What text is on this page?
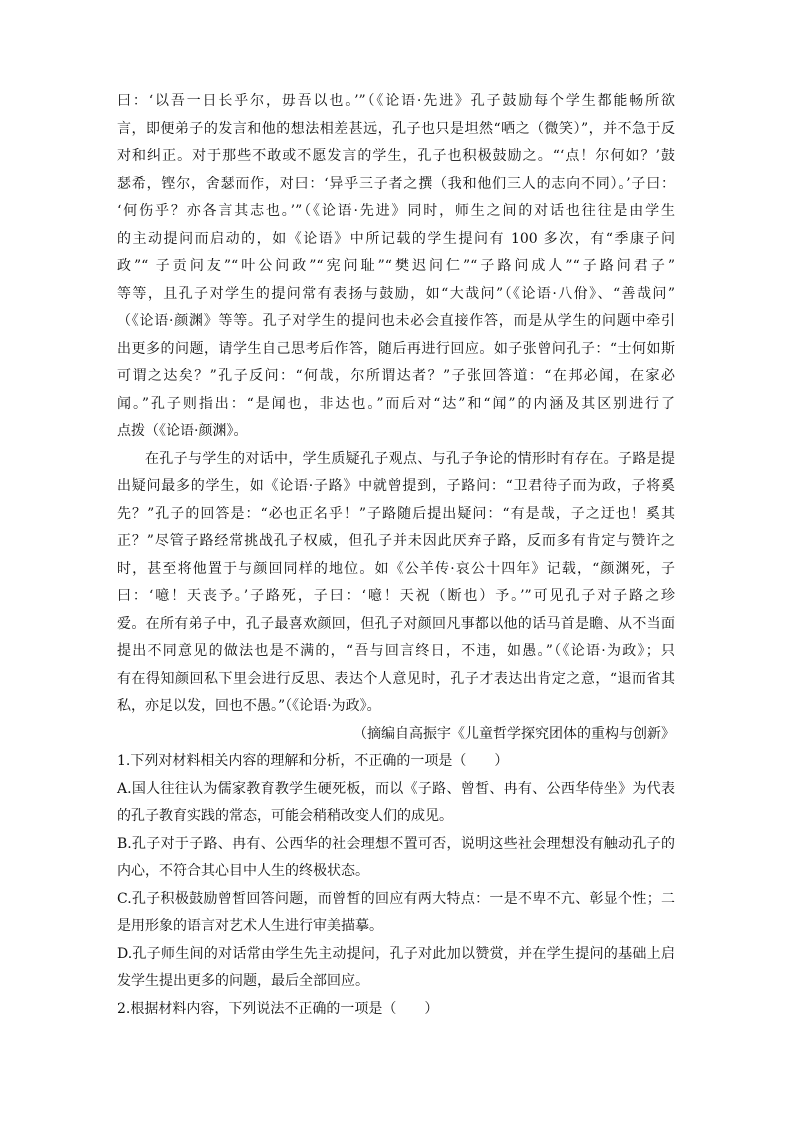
曰：‘以吾一日长乎尔，毋吾以也。’”（《论语·先进》孔子鼓励每个学生都能畅所欲
言，即便弟子的发言和他的想法相差甚远，孔子也只是坦然“哂之（微笑）”，并不急于反
对和纠正。对于那些不敢或不愿发言的学生，孔子也积极鼓励之。“‘点！尔何如？’鼓
瑟希，铿尔，舍瑟而作，对曰：‘异乎三子者之撰（我和他们三人的志向不同）。’子曰：
‘何伤乎？亦各言其志也。’”（《论语·先进》同时，师生之间的对话也往往是由学生
的主动提问而启动的，如《论语》中所记载的学生提问有 100 多次，有“季康子问
政”“ 子贡问友”“叶公问政”“宪问耻”“樊迟问仁”“子路问成人”“子路问君子”
等等，且孔子对学生的提问常有表扬与鼓励，如“大哉问”（《论语·八佾》、“善哉问”
（《论语·颜渊》等等。孔子对学生的提问也未必会直接作答，而是从学生的问题中牵引
出更多的问题，请学生自己思考后作答，随后再进行回应。如子张曾问孔子：“士何如斯
可谓之达矣？”孔子反问：“何哉，尔所谓达者？”子张回答道：“在邦必闻，在家必
闻。”孔子则指出：“是闻也，非达也。”而后对“达”和“闻”的内涵及其区别进行了
点拨（《论语·颜渊》。
在孔子与学生的对话中，学生质疑孔子观点、与孔子争论的情形时有存在。子路是提
出疑问最多的学生，如《论语·子路》中就曾提到，子路问：“卫君待子而为政，子将奚
先？”孔子的回答是：“必也正名乎！”子路随后提出疑问：“有是哉，子之迂也！奚其
正？”尽管子路经常挑战孔子权威，但孔子并未因此厌弃子路，反而多有肯定与赞许之
时，甚至将他置于与颜回同样的地位。如《公羊传·哀公十四年》记载，“颜渊死，子
曰：‘噫！天丧予。’子路死，子曰：‘噫！天祝（断也）予。’”可见孔子对子路之珍
爱。在所有弟子中，孔子最喜欢颜回，但孔子对颜回凡事都以他的话马首是瞻、从不当面
提出不同意见的做法也是不满的，“吾与回言终日，不违，如愚。”（《论语·为政》；只
有在得知颜回私下里会进行反思、表达个人意见时，孔子才表达出肯定之意，“退而省其
私，亦足以发，回也不愚。”（《论语·为政》。
（摘编自高振宇《儿童哲学探究团体的重构与创新》
1.下列对材料相关内容的理解和分析，不正确的一项是（　　）
A.国人往往认为儒家教育教学生硬死板，而以《子路、曾皙、冉有、公西华侍坐》为代表
的孔子教育实践的常态，可能会稍稍改变人们的成见。
B.孔子对于子路、冉有、公西华的社会理想不置可否，说明这些社会理想没有触动孔子的
内心，不符合其心目中人生的终极状态。
C.孔子积极鼓励曾皙回答问题，而曾皙的回应有两大特点：一是不卑不亢、彰显个性；二
是用形象的语言对艺术人生进行审美描摹。
D.孔子师生间的对话常由学生先主动提问，孔子对此加以赞赏，并在学生提问的基础上启
发学生提出更多的问题，最后全部回应。
2.根据材料内容，下列说法不正确的一项是（　　）
